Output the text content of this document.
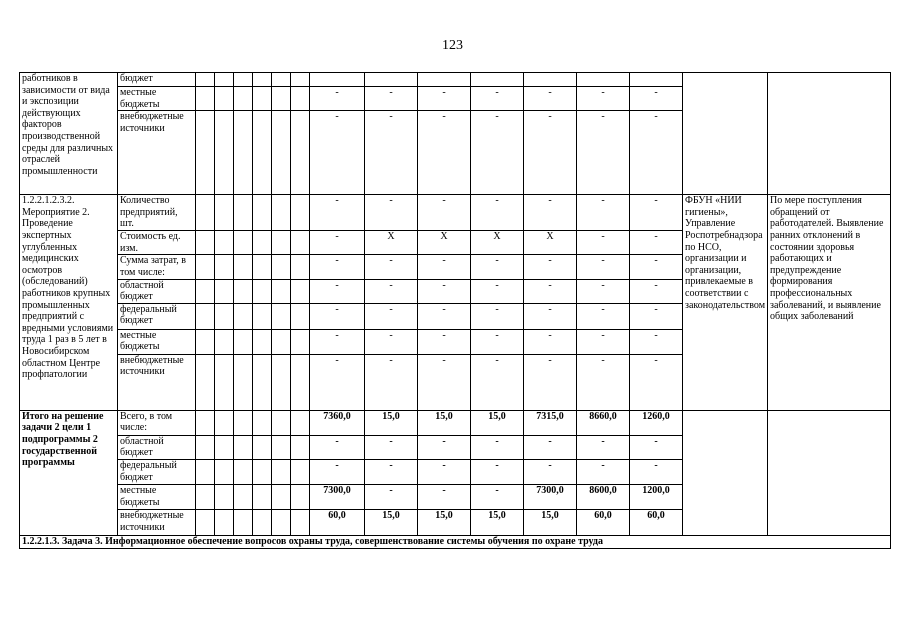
123
работников в зависимости от вида и экспозиции действующих факторов производственной среды для различных отраслей промышленности	бюджет															
	местные бюджеты							-	-	-	-	-	-	-		
	внебюджетные источники							-	-	-	-	-	-	-		
1.2.2.1.2.3.2. Мероприятие 2. Проведение экспертных углубленных медицинских осмотров (обследований) работников крупных промышленных предприятий с вредными условиями труда 1 раз в 5 лет в Новосибирском областном Центре профпатологии	Количество предприятий, шт.							-	-	-	-	-	-	-	ФБУН «НИИ гигиены», Управление Роспотребнадзора по НСО, организации и организации, привлекаемые в соответствии с законодательством	По мере поступления обращений от работодателей. Выявление ранних отклонений в состоянии здоровья работающих и предупреждение формирования профессиональных заболеваний, и выявление общих заболеваний
	Стоимость ед. изм.							-	X	X	X	X	-	-		
	Сумма затрат, в том числе:							-	-	-	-	-	-	-		
	областной бюджет							-	-	-	-	-	-	-		
	федеральный бюджет							-	-	-	-	-	-	-		
	местные бюджеты							-	-	-	-	-	-	-		
	внебюджетные источники							-	-	-	-	-	-	-		
Итого на решение задачи 2 цели 1 подпрограммы 2 государственной программы	Всего, в том числе:							7360,0	15,0	15,0	15,0	7315,0	8660,0	1260,0		
	областной бюджет							-	-	-	-	-	-	-		
	федеральный бюджет							-	-	-	-	-	-	-		
	местные бюджеты							7300,0	-	-	-	7300,0	8600,0	1200,0		
	внебюджетные источники							60,0	15,0	15,0	15,0	15,0	60,0	60,0		
1.2.2.1.3. Задача 3. Информационное обеспечение вопросов охраны труда, совершенствование системы обучения по охране труда																
